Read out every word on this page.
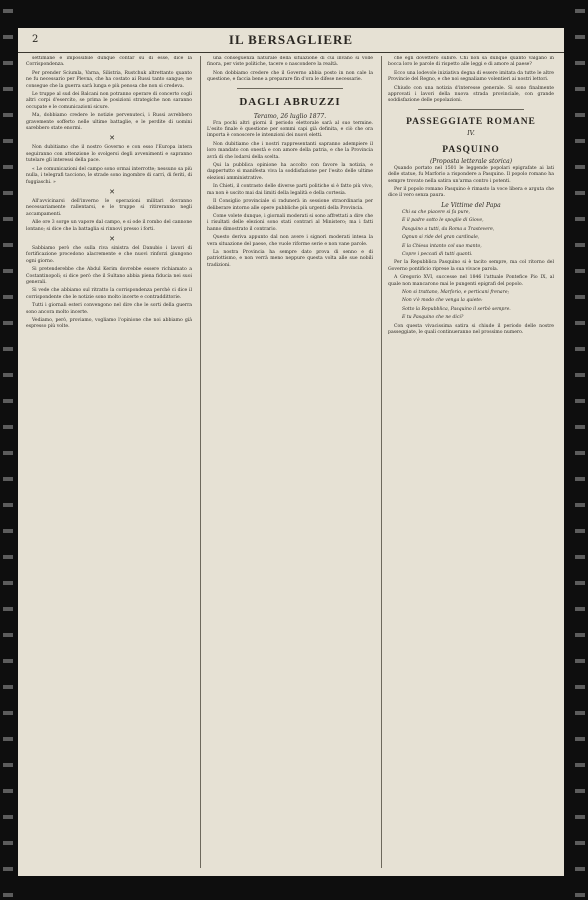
2	IL BERSAGLIERE

settimane è impossibile dunque contar su di esse, dice la Corrispondenza.

Per prender Sciumla, Varna, Silistria, Rustchuk altrettanto quanto ne fu necessario per Plevna, che ha costato ai Russi tanto sangue; ne consegue che la guerra sarà lunga e più penosa che non si credeva.

Le truppe al sud dei Balcani non potranno operare di concerto cogli altri corpi d'esercito, se prima le posizioni strategiche non saranno occupate e le comunicazioni sicure.

Ma, dobbiamo credere le notizie pervenuteci, i Russi avrebbero gravemente sofferto nelle ultime battaglie, e le perdite di uomini sarebbero state enormi.

✕

Non dubitiamo che il nostro Governo e con esso l'Europa intera seguiranno con attenzione lo svolgersi degli avvenimenti e sapranno tutelare gli interessi della pace.

« Le comunicazioni del campo sono ormai interrotte; nessuno sa più nulla, i telegrafi tacciono, le strade sono ingombre di carri, di feriti, di fuggiaschi. »

✕

All'avvicinarsi dell'inverno le operazioni militari dovranno necessariamente rallentarsi, e le truppe si ritireranno negli accampamenti.

Alle ore 3 sorge un vapore dal campo, e si ode il rombo del cannone lontano; si dice che la battaglia si rinnovi presso i forti.

✕

Sabbiamo però che sulla riva sinistra del Danubio i lavori di fortificazione procedono alacremente e che nuovi rinforzi giungono ogni giorno.

Si pretenderebbe che Abdul Kerim dovrebbe essere richiamato a Costantinopoli; si dice però che il Sultano abbia piena fiducia nei suoi generali.

Si vede che abbiamo sul ritratto la corrispondenza perchè ci dice il corrispondente che le notizie sono molto incerte e contraddittorie.

Tutti i giornali esteri convengono nel dire che le sorti della guerra sono ancora molto incerte.

Vediamo, però, proviamo, vogliamo l'opinione che noi abbiamo già espresso più volte.

una conseguenza naturale della situazione di cui invano si volle finora, per viste politiche, tacere o nascondere la realtà.

Non dobbiamo credere che il Governo abbia posto in non cale la questione, e faccia bene a preparare fin d'ora le difese necessarie.

DAGLI ABRUZZI
Teramo, 26 luglio 1877.

Fra pochi altri giorni il periodo elettorale sarà al suo termine. L'esito finale è questione per sommi capi già definita, e ciò che ora importa è conoscere le intenzioni dei nuovi eletti.

Non dubitiamo che i nostri rappresentanti sapranno adempiere il loro mandato con onestà e con amore della patria, e che la Provincia avrà di che lodarsi della scelta.

Qui la pubblica opinione ha accolto con favore la notizia, e dappertutto si manifesta viva la soddisfazione per l'esito delle ultime elezioni amministrative.

In Chieti, il contrasto delle diverse parti politiche si è fatto più vivo, ma non è uscito mai dai limiti della legalità e della cortesia.

Il Consiglio provinciale si radunerà in sessione straordinaria per deliberare intorno alle opere pubbliche più urgenti della Provincia.

Come volete dunque, i giornali moderati si sono affrettati a dire che i risultati delle elezioni sono stati contrari al Ministero; ma i fatti hanno dimostrato il contrario.

Questo deriva appunto dal non avere i signori moderati intesa la vera situazione del paese, che vuole riforme serie e non vane parole.

La nostra Provincia ha sempre dato prova di senno e di patriottismo, e non verrà meno neppure questa volta alle sue nobili tradizioni.

che egli dovettero subire. Chi non sa dunque quanto valgano in bocca loro le parole di rispetto alle leggi e di amore al paese?

Ecco una lodevole iniziativa degna di essere imitata da tutte le altre Provincie del Regno, e che noi segnaliamo volentieri ai nostri lettori.

Chiudo con una notizia d'interesse generale. Si sono finalmente approvati i lavori della nuova strada provinciale, con grande soddisfazione delle popolazioni.

PASSEGGIATE ROMANE
IV.
PASQUINO
(Proposta letterale storica)

Quando portato nel 1501 le leggende popolari epigrafate ai lati delle statue, fu Marforio a rispondere a Pasquino. Il popolo romano ha sempre trovato nella satira un'arma contro i potenti.

Per il popolo romano Pasquino è rimasto la voce libera e arguta che dice il vero senza paura.

Le Vittime del Papa

Chi sa che piacere si fa pure,

E il padre sotto le spoglie di Giove,

Pasquino a tutti, da Roma a Trastevere,

Ognun si ride del gran cardinale,

E la Chiesa intanto col suo manto,

Copre i peccati di tutti quanti.

Per la Repubblica Pasquino si è tacito sempre, ma col ritorno del Governo pontificio riprese la sua vivace parola.

A Gregorio XVI, successe nel 1846 l'attuale Pontefice Pio IX, al quale non mancarono mai le pungenti epigrafi del popolo.

Non si trattano, Marforio, e perticani frenare;

Non v'è modo che venga la quiete:

Sotto la Repubblica, Pasquino il serbò sempre.

E tu Pasquino che ne dici?

Con questa vivacissima satira si chiude il periodo delle nostre passeggiate, le quali continueranno nel prossimo numero.
